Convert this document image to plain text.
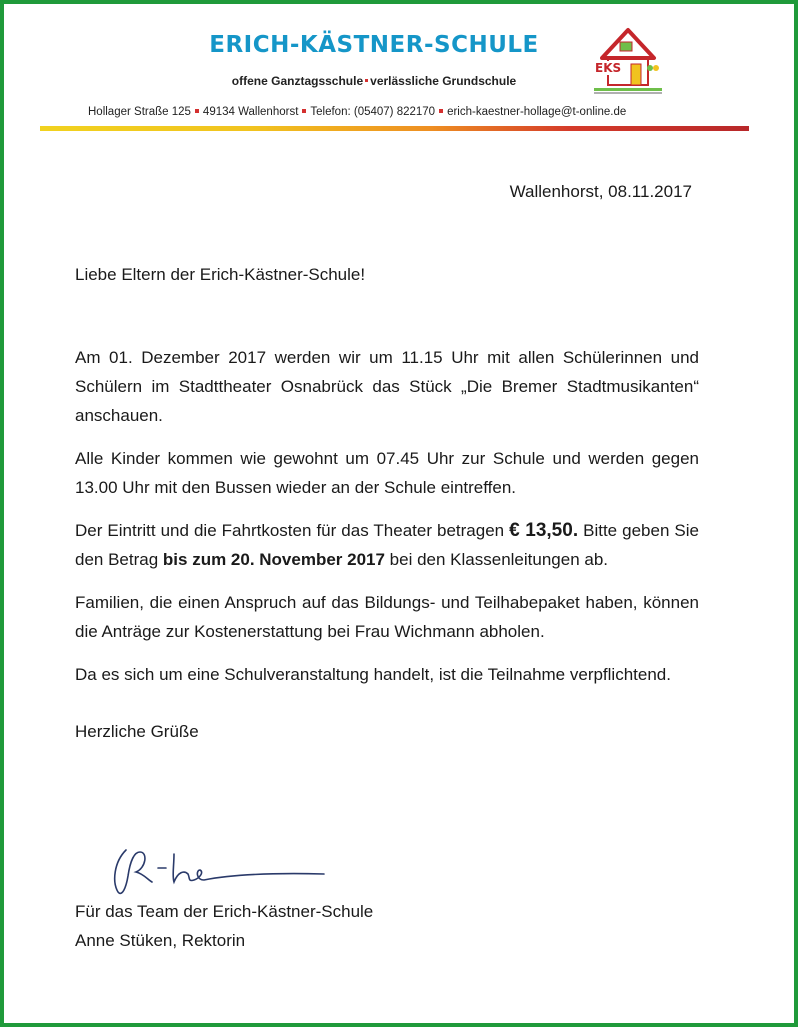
ERICH-KÄSTNER-SCHULE
offene Ganztagsschule verlässliche Grundschule
EKS
Hollager Straße 125 49134 Wallenhorst Telefon: (05407) 822170 erich-kaestner-hollage@t-online.de
Wallenhorst, 08.11.2017

Liebe Eltern der Erich-Kästner-Schule!

Am 01. Dezember 2017 werden wir um 11.15 Uhr mit allen Schülerinnen und Schülern im Stadttheater Osnabrück das Stück „Die Bremer Stadtmusikanten“ anschauen.

Alle Kinder kommen wie gewohnt um 07.45 Uhr zur Schule und werden gegen 13.00 Uhr mit den Bussen wieder an der Schule eintreffen.

Der Eintritt und die Fahrtkosten für das Theater betragen € 13,50. Bitte geben Sie den Betrag bis zum 20. November 2017 bei den Klassenleitungen ab.

Familien, die einen Anspruch auf das Bildungs- und Teilhabepaket haben, können die Anträge zur Kostenerstattung bei Frau Wichmann abholen.

Da es sich um eine Schulveranstaltung handelt, ist die Teilnahme verpflichtend.

Herzliche Grüße

Für das Team der Erich-Kästner-Schule
Anne Stüken, Rektorin
